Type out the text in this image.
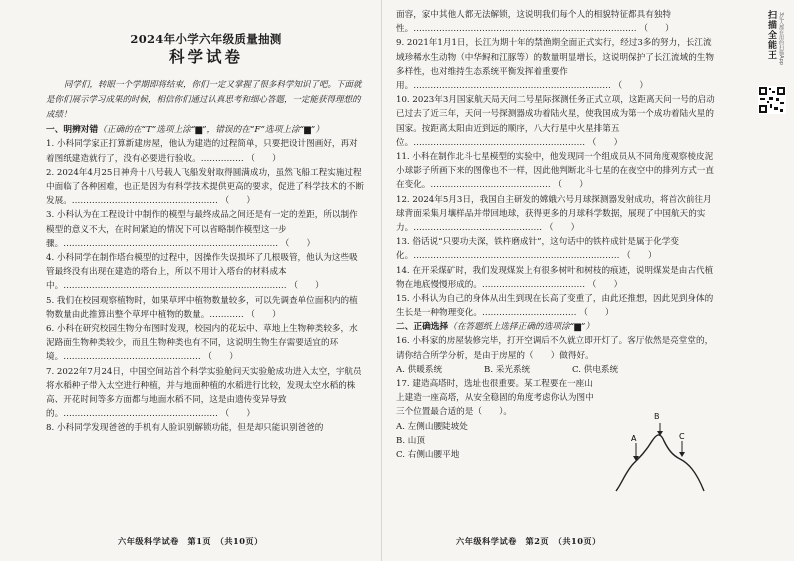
2024年小学六年级质量抽测
科学试卷
同学们，转眼一个学期即将结束，你们一定又掌握了很多科学知识了吧。下面就是你们展示学习成果的时候，相信你们通过认真思考和细心答题，一定能获得理想的成绩！
一、明辨对错（正确的在“T”选项上涂“▆”，错误的在“F”选项上涂“▆”）

1. 小科同学家正打算新建房屋，他认为建造的过程简单，只要把设计图画好，再对着图纸建造就行了，没有必要进行验收。…………… （　　）

2. 2024年4月25日神舟十八号载人飞船发射取得圆满成功，虽然飞船工程实施过程中面临了各种困难，也正是因为有科学技术提供更高的要求，促进了科学技术的不断发展。…………………………………………… （　　）

3. 小科认为在工程设计中制作的模型与最终成品之间还是有一定的差距，所以制作模型的意义不大，在时间紧迫的情况下可以省略制作模型这一步骤。………………………………………………………………… （　　）

4. 小科同学在制作塔台模型的过程中，因操作失误损坏了几根吸管，他认为这些吸管最终没有出现在建造的塔台上，所以不用计入塔台的材料成本中。…………………………………………………………………… （　　）

5. 我们在校园观察植物时，如果草坪中植物数量较多，可以先调查单位面积内的植物数量由此推算出整个草坪中植物的数量。………… （　　）

6. 小科在研究校园生物分布图时发现，校园内的花坛中、草地上生物种类较多，水泥路面生物种类较少，而且生物种类也有不同，这说明生物生存需要适宜的环境。………………………………………… （　　）

7. 2022年7月24日，中国空间站首个科学实验舱问天实验舱成功进入太空，宇航员将水稻种子带入太空进行种植，并与地面种植的水稻进行比较，发现太空水稻的株高、开花时间等多方面都与地面水稻不同，这是由遗传变异导致的。……………………………………………… （　　）

8. 小科同学发现爸爸的手机有人脸识别解锁功能，但是却只能识别爸爸的

六年级科学试卷　第1页　（共10页）

面容，家中其他人都无法解锁，这说明我们每个人的相貌特征都具有独特性。…………………………………………………………………… （　　）

9. 2021年1月1日，长江为期十年的禁渔期全面正式实行，经过3多的努力，长江流域珍稀水生动物（中华鲟和江豚等）的数量明显增长，这说明保护了长江流域的生物多样性，也对维持生态系统平衡发挥着重要作用。…………………………………………………………… （　　）

10. 2023年3月国家航天局天问二号星际探测任务正式立项，这距离天问一号的启动已过去了近三年，天问一号探测器成功着陆火星，使我国成为第一个成功着陆火星的国家。按距离太阳由近到远的顺序，八大行星中火星排第五位。…………………………………………………… （　　）

11. 小科在制作北斗七星模型的实验中，他发现同一个组成员从不同角度观察棱皮泥小球影子所画下来的图像也不一样，因此他判断北斗七星的在夜空中的排列方式一直在变化。…………………………………… （　　）

12. 2024年5月3日，我国自主研发的嫦娥六号月球探测器发射成功，将首次前往月球背面采集月壤样品并带回地球，获得更多的月球科学数据，展现了中国航天的实力。……………………………………… （　　）

13. 俗话说“只要功夫深，铁杵磨成针”，这句话中的铁杵成针是属于化学变化。……………………………………………………………… （　　）

14. 在开采煤矿时，我们发现煤炭上有很多树叶和树枝的痕迹，说明煤炭是由古代植物在地底慢慢形成的。……………………………… （　　）

15. 小科认为自己的身体从出生到现在长高了变重了，由此还推想，因此见到身体的生长是一种物理变化。…………………………… （　　）

二、正确选择（在答题纸上选择正确的选项涂“▆”）

16. 小科家的房屋装修完毕，打开空调后不久就立即开灯了。客厅依然是亮堂堂的，请你结合所学分析，是由于房屋的（　　）做得好。

A. 供暖系统	B. 采光系统	C. 供电系统

17. 建造高塔时，选址也很重要。某工程要在一座山上建造一座高塔，从安全稳固的角度考虑你认为图中三个位置最合适的是（　　）。

A. 左侧山腰陡坡处
B. 山顶
C. 右侧山腰平地
六年级科学试卷　第2页　（共10页）
A	C
B
扫描全能王 3亿人都在用的扫描App
